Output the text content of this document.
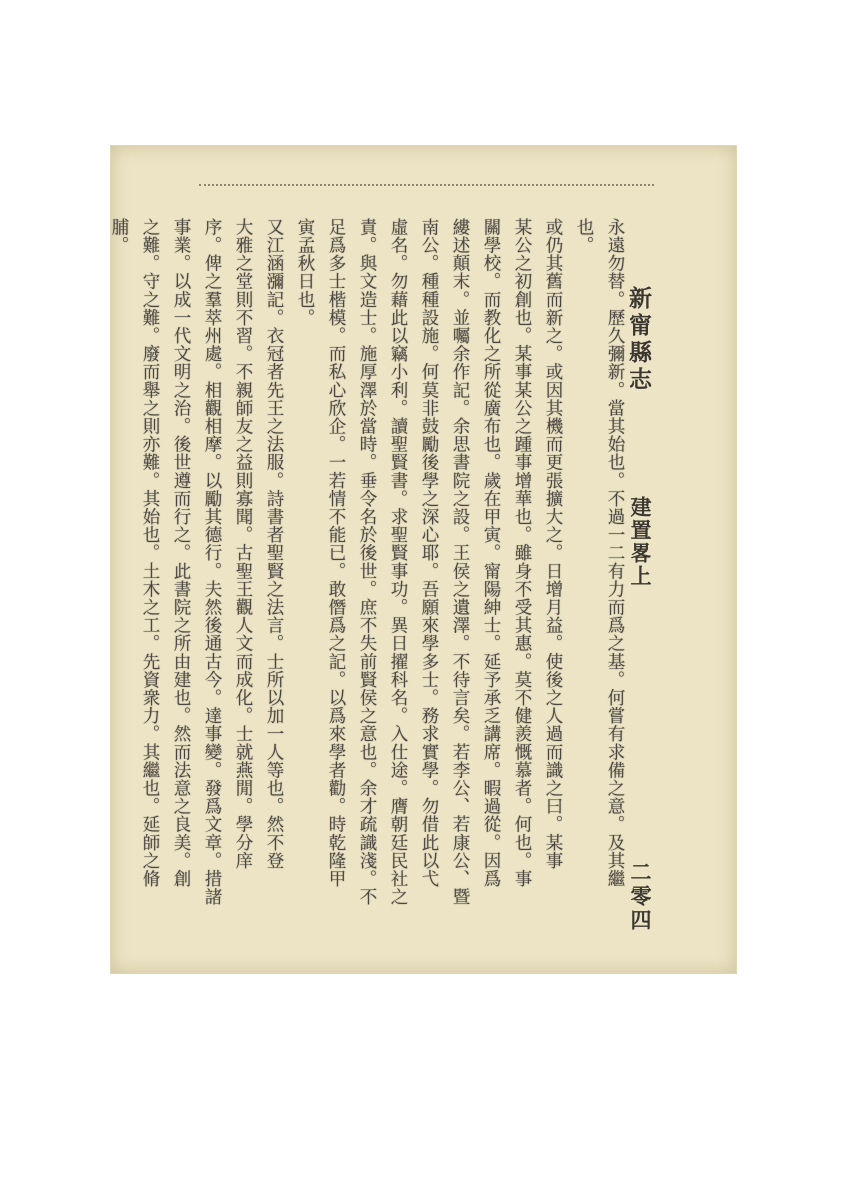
新甯縣志
建置畧上
二零四
永遠勿替。歷久彌新。當其始也。不過一二有力而爲之基。何嘗有求備之意。及其繼也。
或仍其舊而新之。或因其機而更張擴大之。日增月益。使後之人過而識之曰。某事
某公之初創也。某事某公之踵事增華也。雖身不受其惠。莫不健羨慨慕者。何也。事
關學校。而教化之所從廣布也。歲在甲寅。甯陽紳士。延予承乏講席。暇過從。因爲
縷述顛末。並囑余作記。余思書院之設。王侯之遺澤。不待言矣。若李公、若康公、暨
南公。種種設施。何莫非鼓勵後學之深心耶。吾願來學多士。務求實學。勿借此以弋
虛名。勿藉此以竊小利。讀聖賢書。求聖賢事功。異日擢科名。入仕途。膺朝廷民社之
責。與文造士。施厚澤於當時。垂令名於後世。庶不失前賢侯之意也。余才疏識淺。不
足爲多士楷模。而私心欣企。一若情不能已。敢僭爲之記。以爲來學者勸。時乾隆甲
寅孟秋日也。
又江涵瀰記。衣冠者先王之法服。詩書者聖賢之法言。士所以加一人等也。然不登
大雅之堂則不習。不親師友之益則寡聞。古聖王觀人文而成化。士就燕閒。學分庠
序。俾之羣萃州處。相觀相摩。以勵其德行。夫然後通古今。達事變。發爲文章。措諸
事業。以成一代文明之治。後世遵而行之。此書院之所由建也。然而法意之良美。創
之難。守之難。廢而舉之則亦難。其始也。土木之工。先資衆力。其繼也。延師之脩脯。
